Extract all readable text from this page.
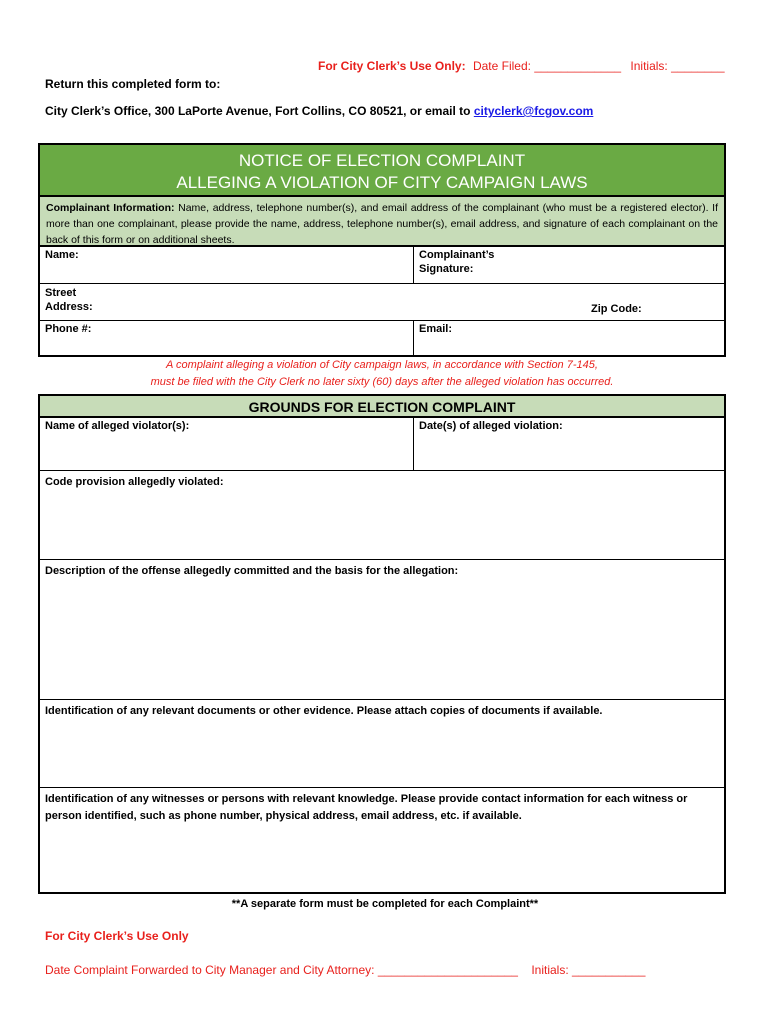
For City Clerk’s Use Only: Date Filed: _____________ Initials: ________
Return this completed form to:
City Clerk’s Office, 300 LaPorte Avenue, Fort Collins, CO 80521, or email to cityclerk@fcgov.com
NOTICE OF ELECTION COMPLAINT
ALLEGING A VIOLATION OF CITY CAMPAIGN LAWS

Complainant Information: Name, address, telephone number(s), and email address of the complainant (who must be a registered elector). If more than one complainant, please provide the name, address, telephone number(s), email address, and signature of each complainant on the back of this form or on additional sheets.

Name:	Complainant’s
Signature:
Street
Address:	Zip Code:
Phone #:	Email:
A complaint alleging a violation of City campaign laws, in accordance with Section 7-145,
must be filed with the City Clerk no later sixty (60) days after the alleged violation has occurred.
GROUNDS FOR ELECTION COMPLAINT
Name of alleged violator(s):	Date(s) of alleged violation:
Code provision allegedly violated:
Description of the offense allegedly committed and the basis for the allegation:
Identification of any relevant documents or other evidence. Please attach copies of documents if available.
Identification of any witnesses or persons with relevant knowledge. Please provide contact information for each witness or person identified, such as phone number, physical address, email address, etc. if available.
**A separate form must be completed for each Complaint**
For City Clerk’s Use Only
Date Complaint Forwarded to City Manager and City Attorney: _____________________ Initials: ___________
